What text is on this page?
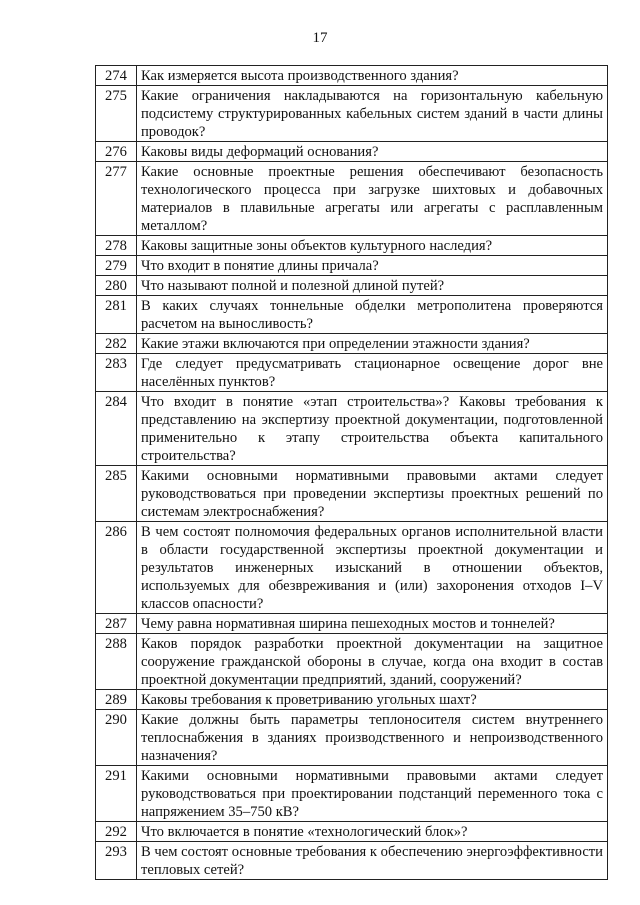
17
274	Как измеряется высота производственного здания?
275	Какие ограничения накладываются на горизонтальную кабельную подсистему структурированных кабельных систем зданий в части длины проводок?
276	Каковы виды деформаций основания?
277	Какие основные проектные решения обеспечивают безопасность технологического процесса при загрузке шихтовых и добавочных материалов в плавильные агрегаты или агрегаты с расплавленным металлом?
278	Каковы защитные зоны объектов культурного наследия?
279	Что входит в понятие длины причала?
280	Что называют полной и полезной длиной путей?
281	В каких случаях тоннельные обделки метрополитена проверяются расчетом на выносливость?
282	Какие этажи включаются при определении этажности здания?
283	Где следует предусматривать стационарное освещение дорог вне населённых пунктов?
284	Что входит в понятие «этап строительства»? Каковы требования к представлению на экспертизу проектной документации, подготовленной применительно к этапу строительства объекта капитального строительства?
285	Какими основными нормативными правовыми актами следует руководствоваться при проведении экспертизы проектных решений по системам электроснабжения?
286	В чем состоят полномочия федеральных органов исполнительной власти в области государственной экспертизы проектной документации и результатов инженерных изысканий в отношении объектов, используемых для обезвреживания и (или) захоронения отходов I–V классов опасности?
287	Чему равна нормативная ширина пешеходных мостов и тоннелей?
288	Каков порядок разработки проектной документации на защитное сооружение гражданской обороны в случае, когда она входит в состав проектной документации предприятий, зданий, сооружений?
289	Каковы требования к проветриванию угольных шахт?
290	Какие должны быть параметры теплоносителя систем внутреннего теплоснабжения в зданиях производственного и непроизводственного назначения?
291	Какими основными нормативными правовыми актами следует руководствоваться при проектировании подстанций переменного тока с напряжением 35–750 кВ?
292	Что включается в понятие «технологический блок»?
293	В чем состоят основные требования к обеспечению энергоэффективности тепловых сетей?
